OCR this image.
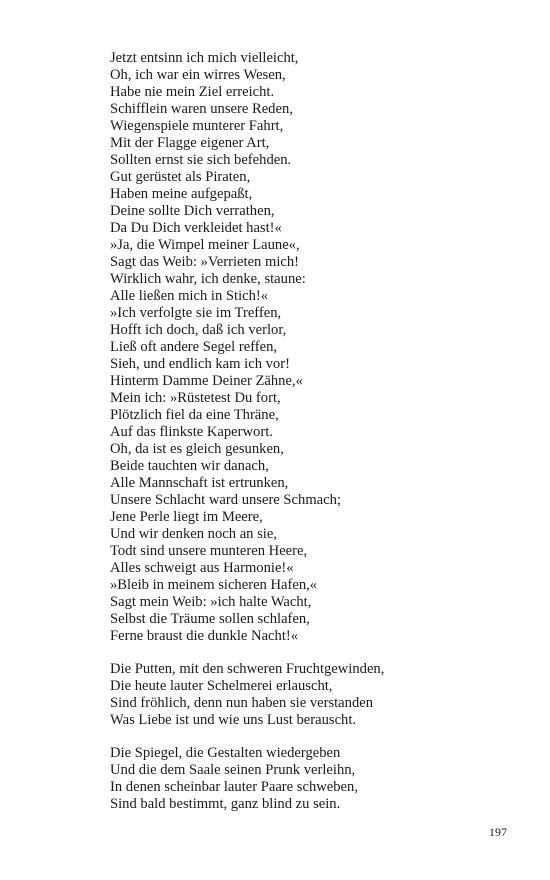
Jetzt entsinn ich mich vielleicht,
Oh, ich war ein wirres Wesen,
Habe nie mein Ziel erreicht.
Schifflein waren unsere Reden,
Wiegenspiele munterer Fahrt,
Mit der Flagge eigener Art,
Sollten ernst sie sich befehden.
Gut gerüstet als Piraten,
Haben meine aufgepaßt,
Deine sollte Dich verrathen,
Da Du Dich verkleidet hast!«
»Ja, die Wimpel meiner Laune«,
Sagt das Weib: »Verrieten mich!
Wirklich wahr, ich denke, staune:
Alle ließen mich in Stich!«
»Ich verfolgte sie im Treffen,
Hofft ich doch, daß ich verlor,
Ließ oft andere Segel reffen,
Sieh, und endlich kam ich vor!
Hinterm Damme Deiner Zähne,«
Mein ich: »Rüstetest Du fort,
Plötzlich fiel da eine Thräne,
Auf das flinkste Kaperwort.
Oh, da ist es gleich gesunken,
Beide tauchten wir danach,
Alle Mannschaft ist ertrunken,
Unsere Schlacht ward unsere Schmach;
Jene Perle liegt im Meere,
Und wir denken noch an sie,
Todt sind unsere munteren Heere,
Alles schweigt aus Harmonie!«
»Bleib in meinem sicheren Hafen,«
Sagt mein Weib: »ich halte Wacht,
Selbst die Träume sollen schlafen,
Ferne braust die dunkle Nacht!«
Die Putten, mit den schweren Fruchtgewinden,
Die heute lauter Schelmerei erlauscht,
Sind fröhlich, denn nun haben sie verstanden
Was Liebe ist und wie uns Lust berauscht.
Die Spiegel, die Gestalten wiedergeben
Und die dem Saale seinen Prunk verleihn,
In denen scheinbar lauter Paare schweben,
Sind bald bestimmt, ganz blind zu sein.
197
